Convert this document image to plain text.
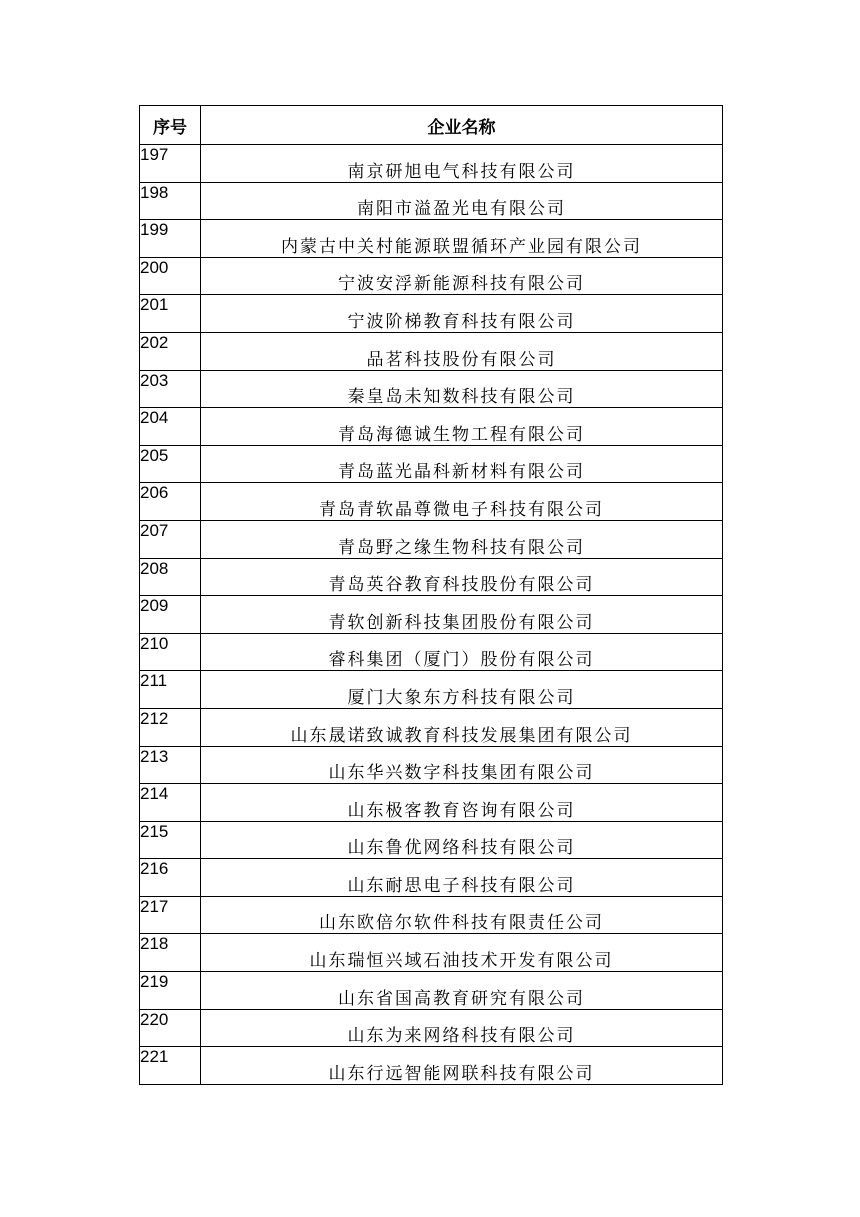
序号	企业名称
197	南京研旭电气科技有限公司
198	南阳市溢盈光电有限公司
199	内蒙古中关村能源联盟循环产业园有限公司
200	宁波安浮新能源科技有限公司
201	宁波阶梯教育科技有限公司
202	品茗科技股份有限公司
203	秦皇岛未知数科技有限公司
204	青岛海德诚生物工程有限公司
205	青岛蓝光晶科新材料有限公司
206	青岛青软晶尊微电子科技有限公司
207	青岛野之缘生物科技有限公司
208	青岛英谷教育科技股份有限公司
209	青软创新科技集团股份有限公司
210	睿科集团（厦门）股份有限公司
211	厦门大象东方科技有限公司
212	山东晟诺致诚教育科技发展集团有限公司
213	山东华兴数字科技集团有限公司
214	山东极客教育咨询有限公司
215	山东鲁优网络科技有限公司
216	山东耐思电子科技有限公司
217	山东欧倍尔软件科技有限责任公司
218	山东瑞恒兴域石油技术开发有限公司
219	山东省国高教育研究有限公司
220	山东为来网络科技有限公司
221	山东行远智能网联科技有限公司
